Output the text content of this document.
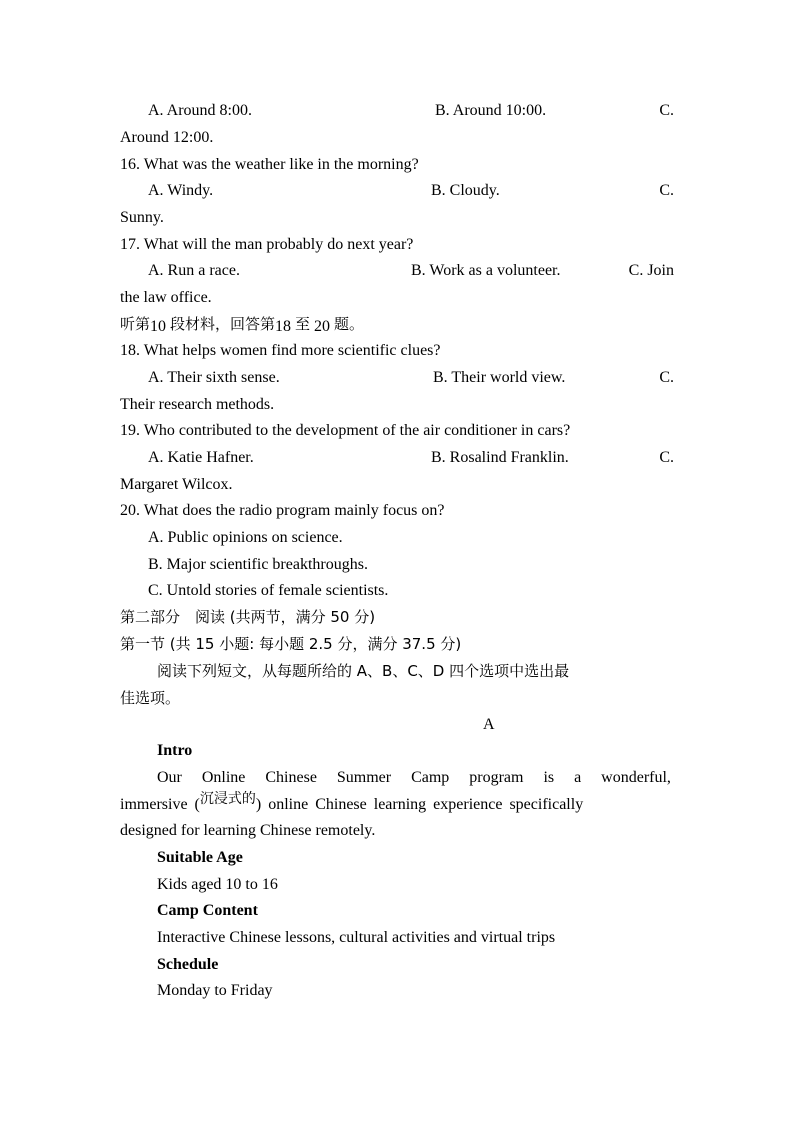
A. Around 8:00.	B. Around 10:00.	C.
Around 12:00.
16. What was the weather like in the morning?
A. Windy.	B. Cloudy.	C.
Sunny.
17. What will the man probably do next year?
A. Run a race.	B. Work as a volunteer.	C. Join
the law office.
听第10 段材料，回答第18 至 20 题。
18. What helps women find more scientific clues?
A. Their sixth sense.	B. Their world view.	C.
Their research methods.
19. Who contributed to the development of the air conditioner in cars?
A. Katie Hafner.	B. Rosalind Franklin.	C.
Margaret Wilcox.
20. What does the radio program mainly focus on?
A. Public opinions on science.
B. Major scientific breakthroughs.
C. Untold stories of female scientists.
第二部分　阅读 (共两节，满分 50 分)
第一节 (共 15 小题: 每小题 2.5 分，满分 37.5 分)
阅读下列短文，从每题所给的 A、B、C、D 四个选项中选出最
佳选项。
A
Intro
Our Online Chinese Summer Camp program is a wonderful,
immersive (沉浸式的) online Chinese learning experience specifically
designed for learning Chinese remotely.
Suitable Age
Kids aged 10 to 16
Camp Content
Interactive Chinese lessons, cultural activities and virtual trips
Schedule
Monday to Friday
